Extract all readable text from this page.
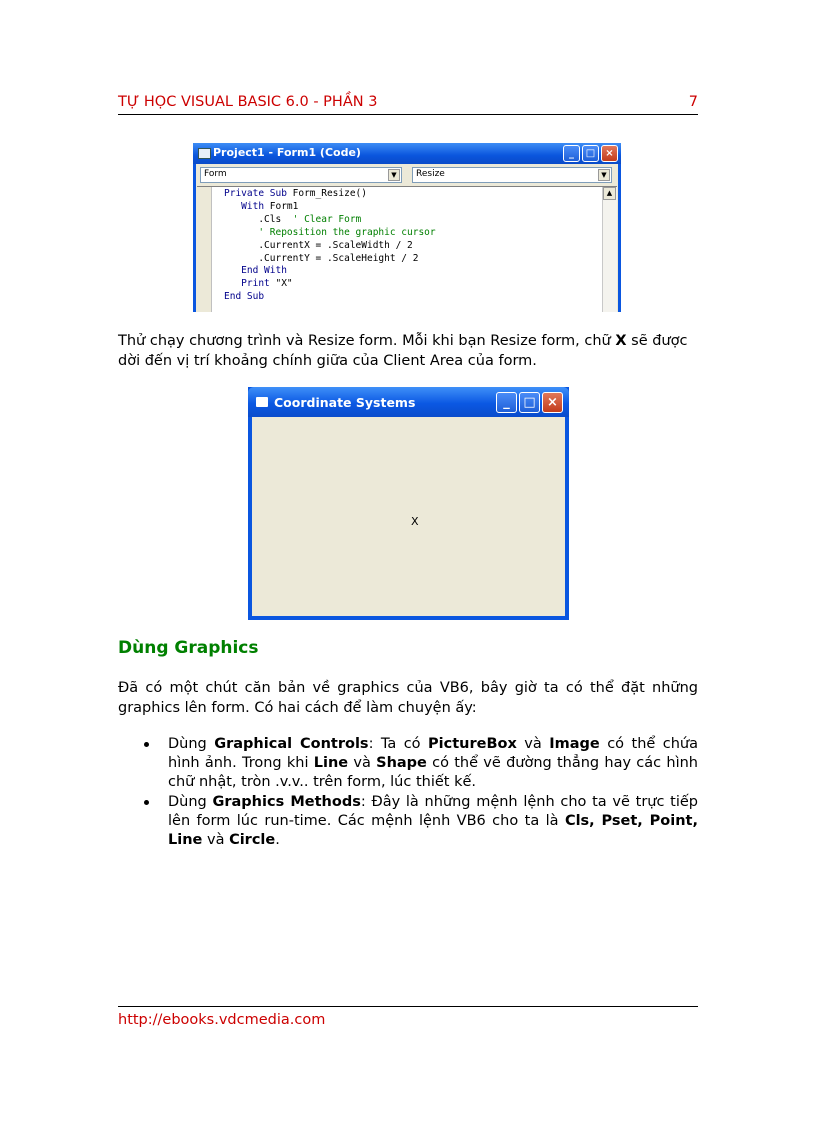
TỰ HỌC VISUAL BASIC 6.0 - PHẦN 3	7
Project1 - Form1 (Code)	_	□	×
Form	▼	Resize	▼
Private Sub Form_Resize()
With Form1
.Cls  ' Clear Form
' Reposition the graphic cursor
.CurrentX = .ScaleWidth / 2
.CurrentY = .ScaleHeight / 2
End With
Print "X"
End Sub
▲
Thử chạy chương trình và Resize form. Mỗi khi bạn Resize form, chữ X sẽ được dời đến vị trí khoảng chính giữa của Client Area của form.
Coordinate Systems	_	□ ×
X
Dùng Graphics
Đã có một chút căn bản về graphics của VB6, bây giờ ta có thể đặt những graphics lên form. Có hai cách để làm chuyện ấy:
Dùng Graphical Controls: Ta có PictureBox và Image có thể chứa hình ảnh. Trong khi Line và Shape có thể vẽ đường thẳng hay các hình chữ nhật, tròn .v.v.. trên form, lúc thiết kế.
Dùng Graphics Methods: Đây là những mệnh lệnh cho ta vẽ trực tiếp lên form lúc run-time. Các mệnh lệnh VB6 cho ta là Cls, Pset, Point, Line và Circle.
http://ebooks.vdcmedia.com
